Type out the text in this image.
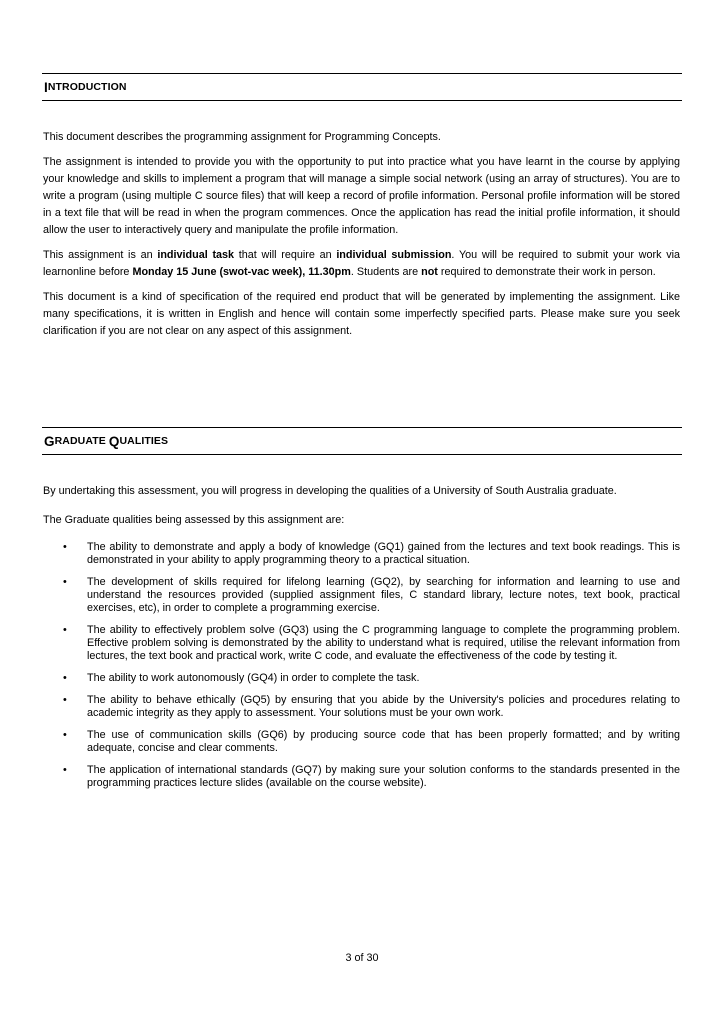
I NTRODUCTION

This document describes the programming assignment for Programming Concepts.

The assignment is intended to provide you with the opportunity to put into practice what you have learnt in the course by applying your knowledge and skills to implement a program that will manage a simple social network (using an array of structures). You are to write a program (using multiple C source files) that will keep a record of profile information. Personal profile information will be stored in a text file that will be read in when the program commences. Once the application has read the initial profile information, it should allow the user to interactively query and manipulate the profile information.

This assignment is an individual task that will require an individual submission. You will be required to submit your work via learnonline before Monday 15 June (swot-vac week), 11.30pm. Students are not required to demonstrate their work in person.

This document is a kind of specification of the required end product that will be generated by implementing the assignment. Like many specifications, it is written in English and hence will contain some imperfectly specified parts. Please make sure you seek clarification if you are not clear on any aspect of this assignment.

G RADUATE Q UALITIES

By undertaking this assessment, you will progress in developing the qualities of a University of South Australia graduate.

The Graduate qualities being assessed by this assignment are:

• The ability to demonstrate and apply a body of knowledge (GQ1) gained from the lectures and text book readings. This is demonstrated in your ability to apply programming theory to a practical situation.
• The development of skills required for lifelong learning (GQ2), by searching for information and learning to use and understand the resources provided (supplied assignment files, C standard library, lecture notes, text book, practical exercises, etc), in order to complete a programming exercise.
• The ability to effectively problem solve (GQ3) using the C programming language to complete the programming problem. Effective problem solving is demonstrated by the ability to understand what is required, utilise the relevant information from lectures, the text book and practical work, write C code, and evaluate the effectiveness of the code by testing it.
• The ability to work autonomously (GQ4) in order to complete the task.
• The ability to behave ethically (GQ5) by ensuring that you abide by the University's policies and procedures relating to academic integrity as they apply to assessment. Your solutions must be your own work.
• The use of communication skills (GQ6) by producing source code that has been properly formatted; and by writing adequate, concise and clear comments.
• The application of international standards (GQ7) by making sure your solution conforms to the standards presented in the programming practices lecture slides (available on the course website).
3 of 30
